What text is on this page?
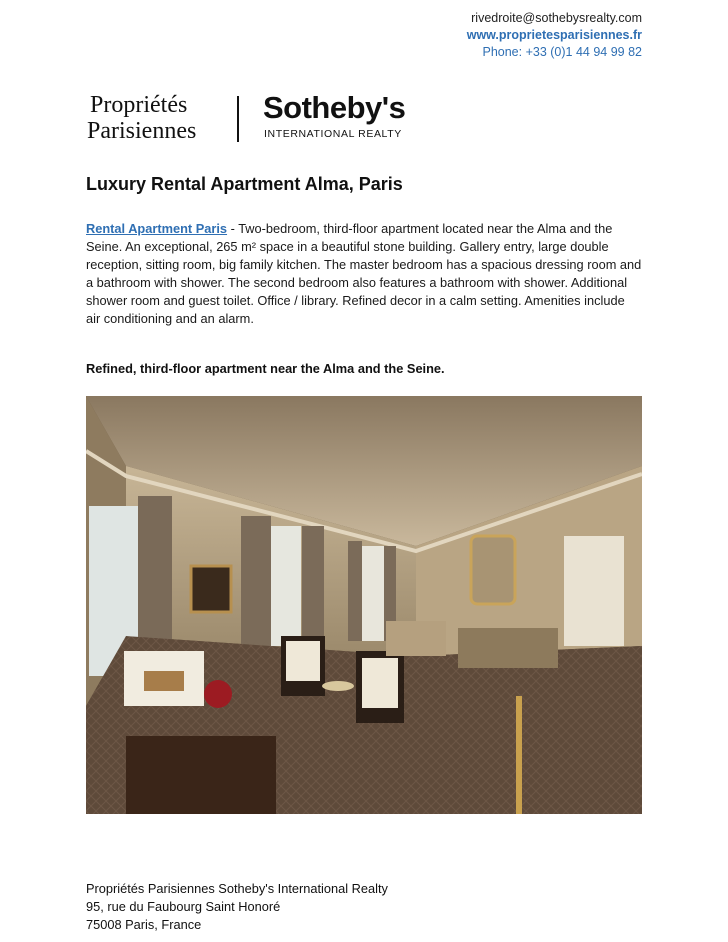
rivedroite@sothebysrealty.com
www.proprietesparisiennes.fr
Phone: +33 (0)1 44 94 99 82
Propriétés
Parisiennes
Sotheby's
INTERNATIONAL REALTY
Luxury Rental Apartment Alma, Paris

Rental Apartment Paris - Two-bedroom, third-floor apartment located near the Alma and the Seine. An exceptional, 265 m² space in a beautiful stone building. Gallery entry, large double reception, sitting room, big family kitchen. The master bedroom has a spacious dressing room and a bathroom with shower. The second bedroom also features a bathroom with shower. Additional shower room and guest toilet. Office / library. Refined decor in a calm setting. Amenities include air conditioning and an alarm.

Refined, third-floor apartment near the Alma and the Seine.

Propriétés Parisiennes Sotheby's International Realty
95, rue du Faubourg Saint Honoré
75008 Paris, France
